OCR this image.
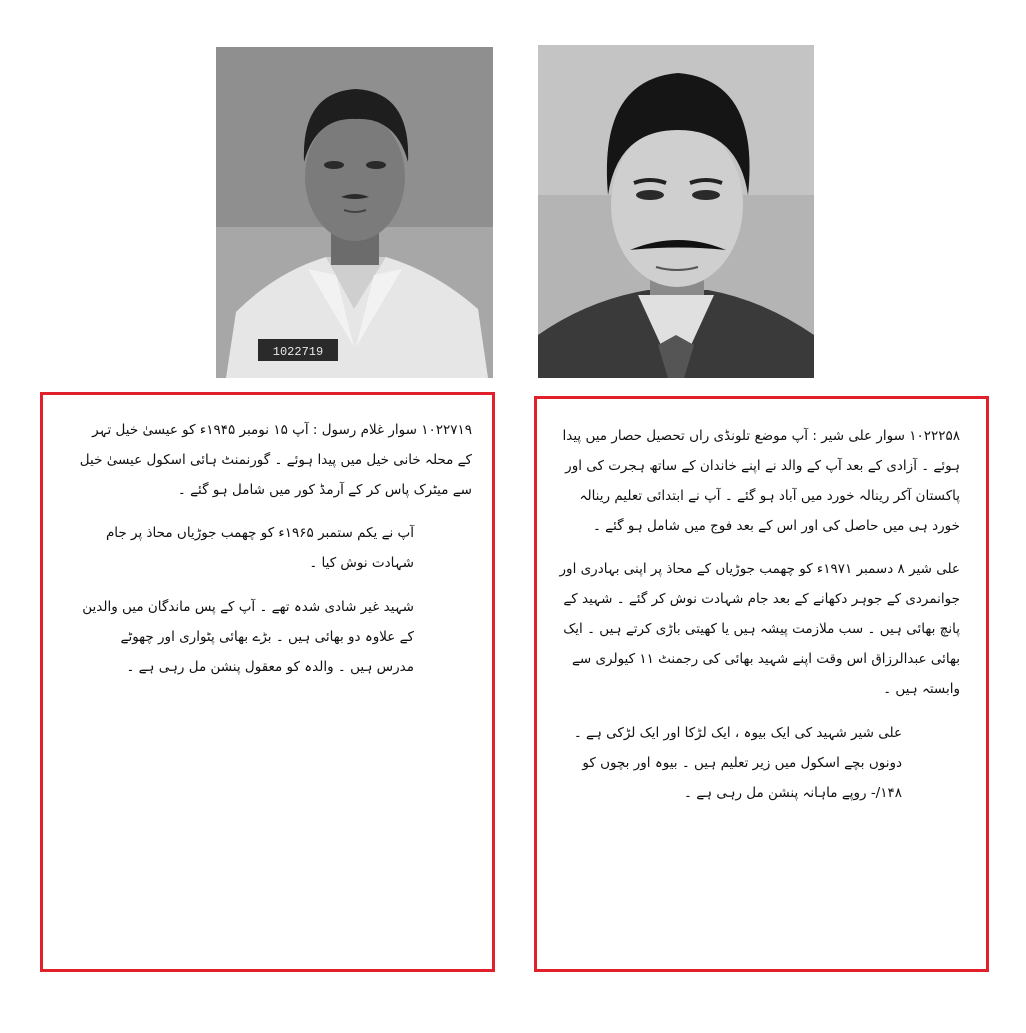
1022719

۱۰۲۲۷۱۹ سوار غلام رسول : آپ ۱۵ نومبر ۱۹۴۵ء کو عیسیٰ خیل تہر کے محلہ خانی خیل میں پیدا ہوئے ۔ گورنمنٹ ہائی اسکول عیسیٰ خیل سے میٹرک پاس کر کے آرمڈ کور میں شامل ہو گئے ۔

آپ نے یکم ستمبر ۱۹۶۵ء کو چھمب جوڑیاں محاذ پر جام شہادت نوش کیا ۔

شہید غیر شادی شدہ تھے ۔ آپ کے پس ماندگان میں والدین کے علاوہ دو بھائی ہیں ۔ بڑے بھائی پٹواری اور چھوٹے مدرس ہیں ۔ والدہ کو معقول پنشن مل رہی ہے ۔

۱۰۲۲۲۵۸ سوار علی شیر : آپ موضع تلونڈی راں تحصیل حصار میں پیدا ہوئے ۔ آزادی کے بعد آپ کے والد نے اپنے خاندان کے ساتھ ہجرت کی اور پاکستان آکر رینالہ خورد میں آباد ہو گئے ۔ آپ نے ابتدائی تعلیم رینالہ خورد ہی میں حاصل کی اور اس کے بعد فوج میں شامل ہو گئے ۔

علی شیر ۸ دسمبر ۱۹۷۱ء کو چھمب جوڑیاں کے محاذ پر اپنی بہادری اور جوانمردی کے جوہر دکھانے کے بعد جام شہادت نوش کر گئے ۔ شہید کے پانچ بھائی ہیں ۔ سب ملازمت پیشہ ہیں یا کھیتی باڑی کرتے ہیں ۔ ایک بھائی عبدالرزاق اس وقت اپنے شہید بھائی کی رجمنٹ ۱۱ کیولری سے وابستہ ہیں ۔

علی شیر شہید کی ایک بیوہ ، ایک لڑکا اور ایک لڑکی ہے ۔ دونوں بچے اسکول میں زیر تعلیم ہیں ۔ بیوہ اور بچوں کو ۱۴۸/- روپے ماہانہ پنشن مل رہی ہے ۔
